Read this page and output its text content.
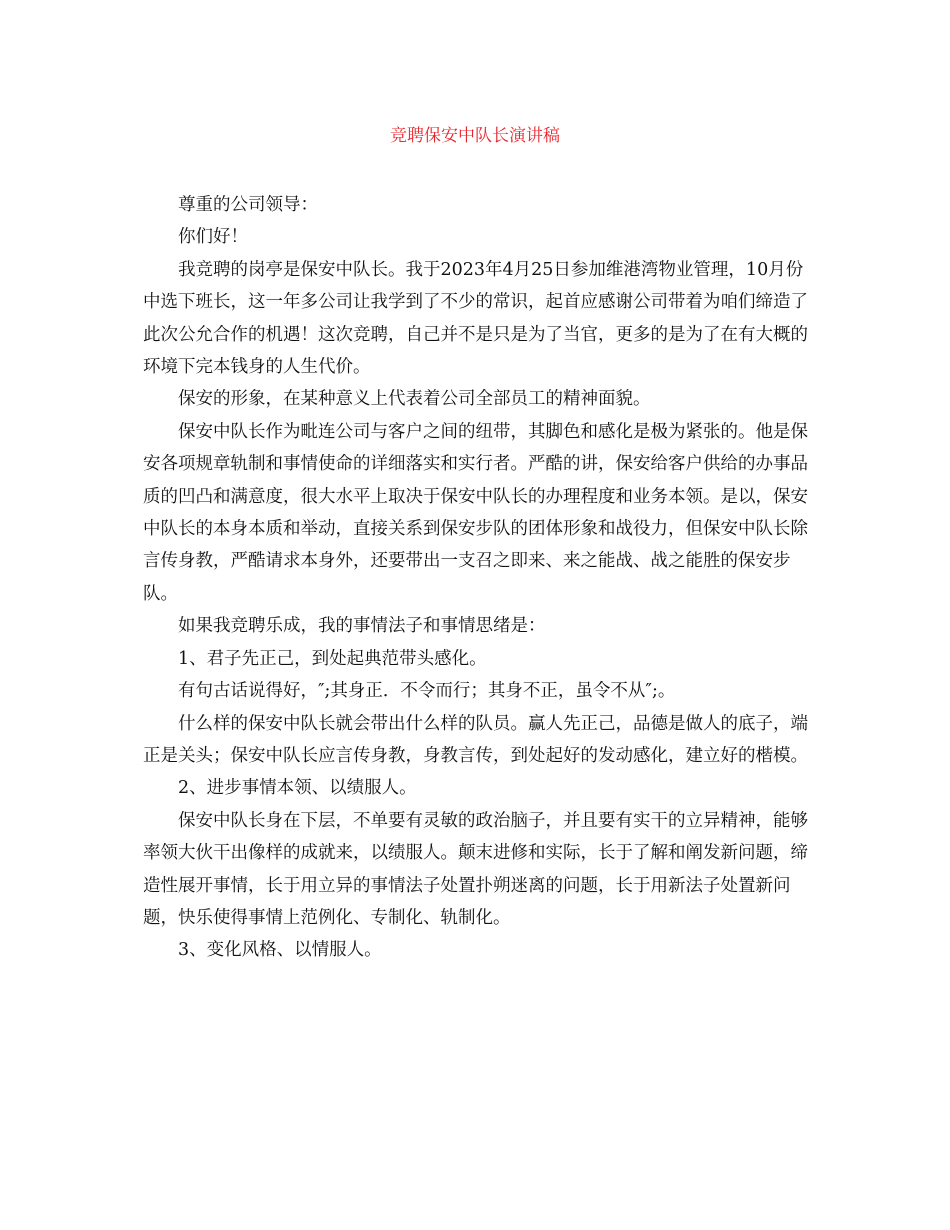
竞聘保安中队长演讲稿

尊重的公司领导：

你们好！

我竞聘的岗亭是保安中队长。我于2023年4月25日参加维港湾物业管理，10月份中选下班长，这一年多公司让我学到了不少的常识，起首应感谢公司带着为咱们缔造了此次公允合作的机遇！这次竞聘，自己并不是只是为了当官，更多的是为了在有大概的环境下完本钱身的人生代价。

保安的形象，在某种意义上代表着公司全部员工的精神面貌。

保安中队长作为毗连公司与客户之间的纽带，其脚色和感化是极为紧张的。他是保安各项规章轨制和事情使命的详细落实和实行者。严酷的讲，保安给客户供给的办事品质的凹凸和满意度，很大水平上取决于保安中队长的办理程度和业务本领。是以，保安中队长的本身本质和举动，直接关系到保安步队的团体形象和战役力，但保安中队长除言传身教，严酷请求本身外，还要带出一支召之即来、来之能战、战之能胜的保安步队。

如果我竞聘乐成，我的事情法子和事情思绪是：

1、君子先正己，到处起典范带头感化。

有句古话说得好，″;其身正．不令而行；其身不正，虽令不从″;。

什么样的保安中队长就会带出什么样的队员。赢人先正己，品德是做人的底子，端正是关头；保安中队长应言传身教，身教言传，到处起好的发动感化，建立好的楷模。

2、进步事情本领、以绩服人。

保安中队长身在下层，不单要有灵敏的政治脑子，并且要有实干的立异精神，能够率领大伙干出像样的成就来，以绩服人。颠末进修和实际，长于了解和阐发新问题，缔造性展开事情，长于用立异的事情法子处置扑朔迷离的问题，长于用新法子处置新问题，快乐使得事情上范例化、专制化、轨制化。

3、变化风格、以情服人。
